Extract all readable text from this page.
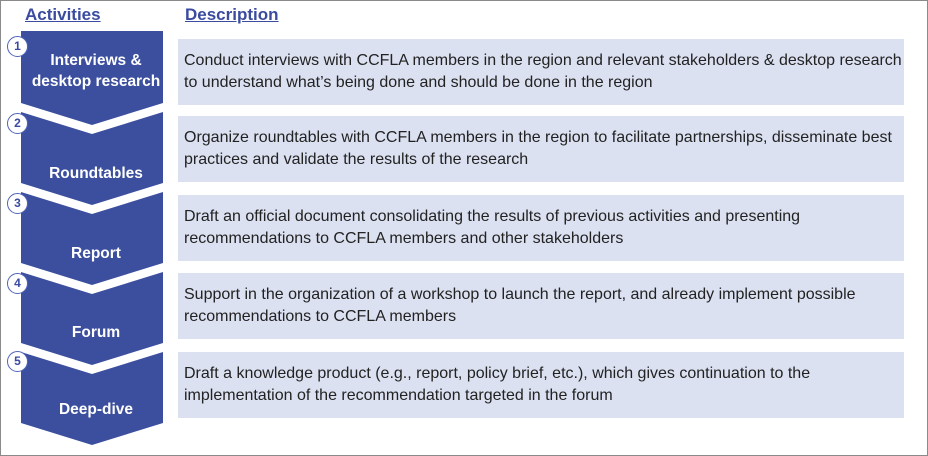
Activities	Description
Interviews & desktop research
Roundtables
Report
Forum
Deep-dive
1
2
3
4
5
Conduct interviews with CCFLA members in the region and relevant stakeholders & desktop research to understand what’s being done and should be done in the region
Organize roundtables with CCFLA members in the region to facilitate partnerships, disseminate best practices and validate the results of the research
Draft an official document consolidating the results of previous activities and presenting recommendations to CCFLA members and other stakeholders
Support in the organization of a workshop to launch the report, and already implement possible recommendations to CCFLA members
Draft a knowledge product (e.g., report, policy brief, etc.), which gives continuation to the implementation of the recommendation targeted in the forum
